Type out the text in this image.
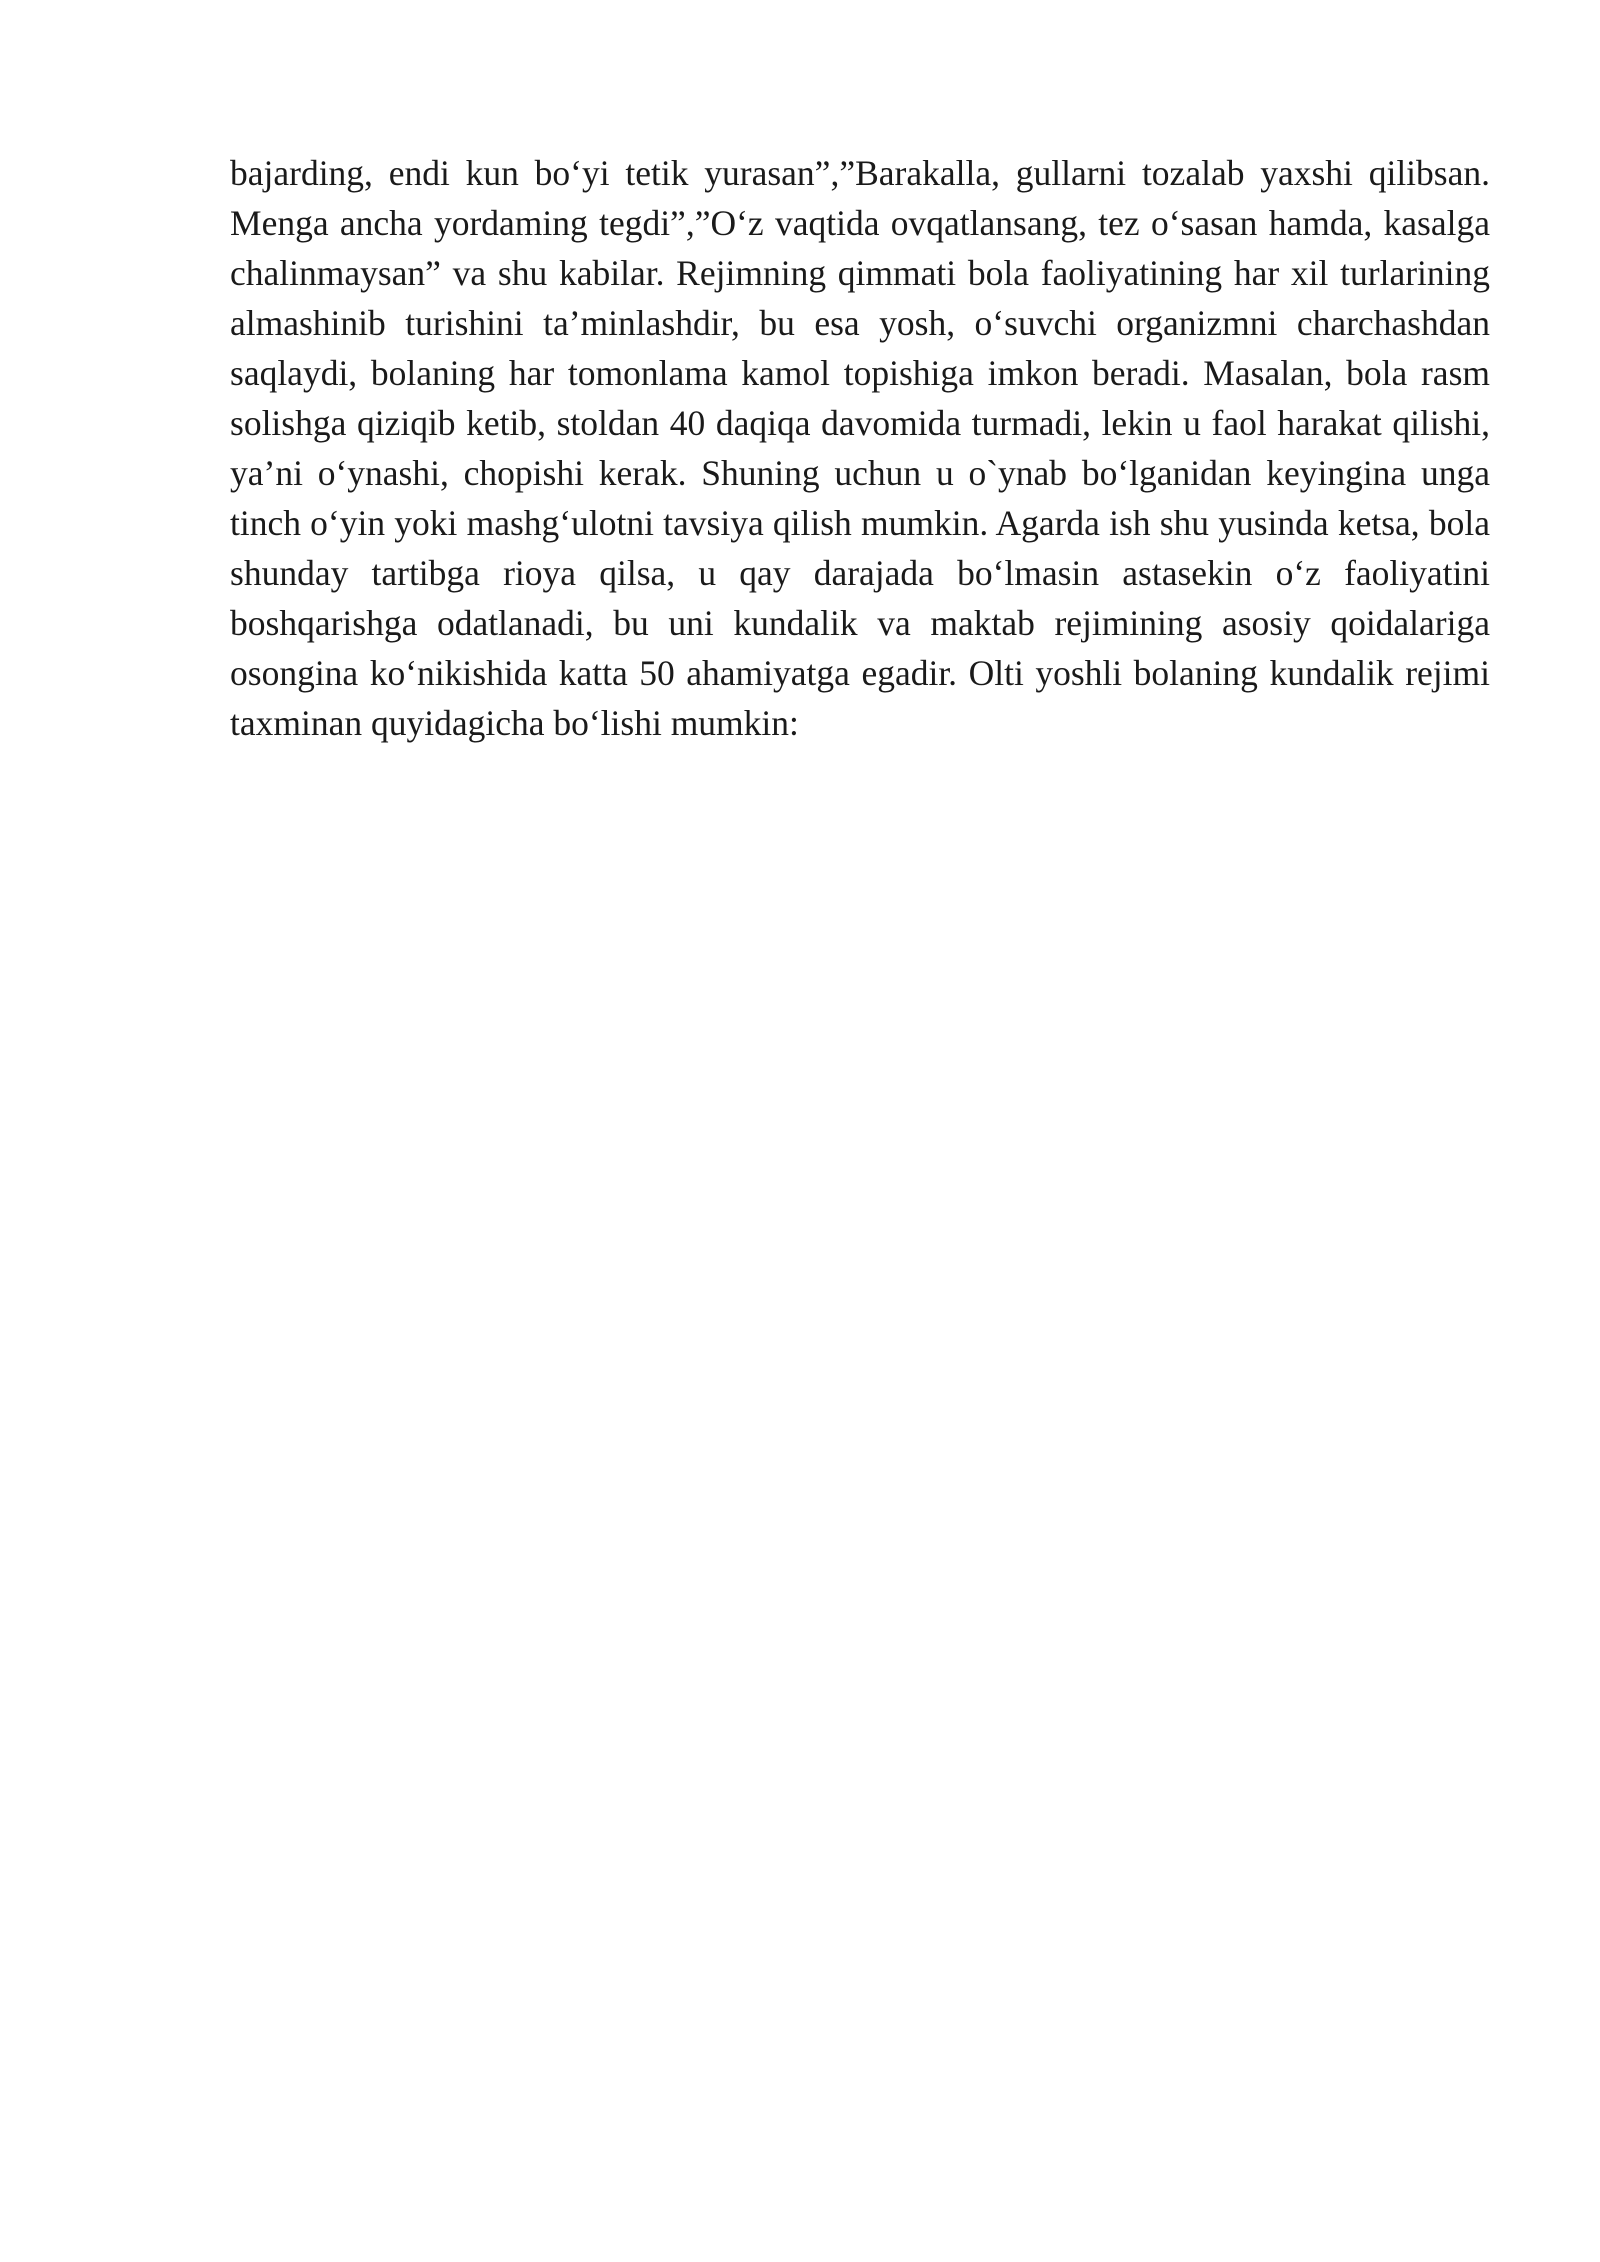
bajarding, endi kun bo‘yi tetik yurasan”,”Barakalla, gullarni tozalab yaxshi qilibsan. Menga ancha yordaming tegdi”,”O‘z vaqtida ovqatlansang, tez o‘sasan hamda, kasalga chalinmaysan” va shu kabilar. Rejimning qimmati bola faoliyatining har xil turlarining almashinib turishini ta’minlashdir, bu esa yosh, o‘suvchi organizmni charchashdan saqlaydi, bolaning har tomonlama kamol topishiga imkon beradi. Masalan, bola rasm solishga qiziqib ketib, stoldan 40 daqiqa davomida turmadi, lekin u faol harakat qilishi, ya’ni o‘ynashi, chopishi kerak. Shuning uchun u o`ynab bo‘lganidan keyingina unga tinch o‘yin yoki mashg‘ulotni tavsiya qilish mumkin. Agarda ish shu yusinda ketsa, bola shunday tartibga rioya qilsa, u qay darajada bo‘lmasin astasekin o‘z faoliyatini boshqarishga odatlanadi, bu uni kundalik va maktab rejimining asosiy qoidalariga osongina ko‘nikishida katta 50 ahamiyatga egadir. Olti yoshli bolaning kundalik rejimi taxminan quyidagicha bo‘lishi mumkin:
